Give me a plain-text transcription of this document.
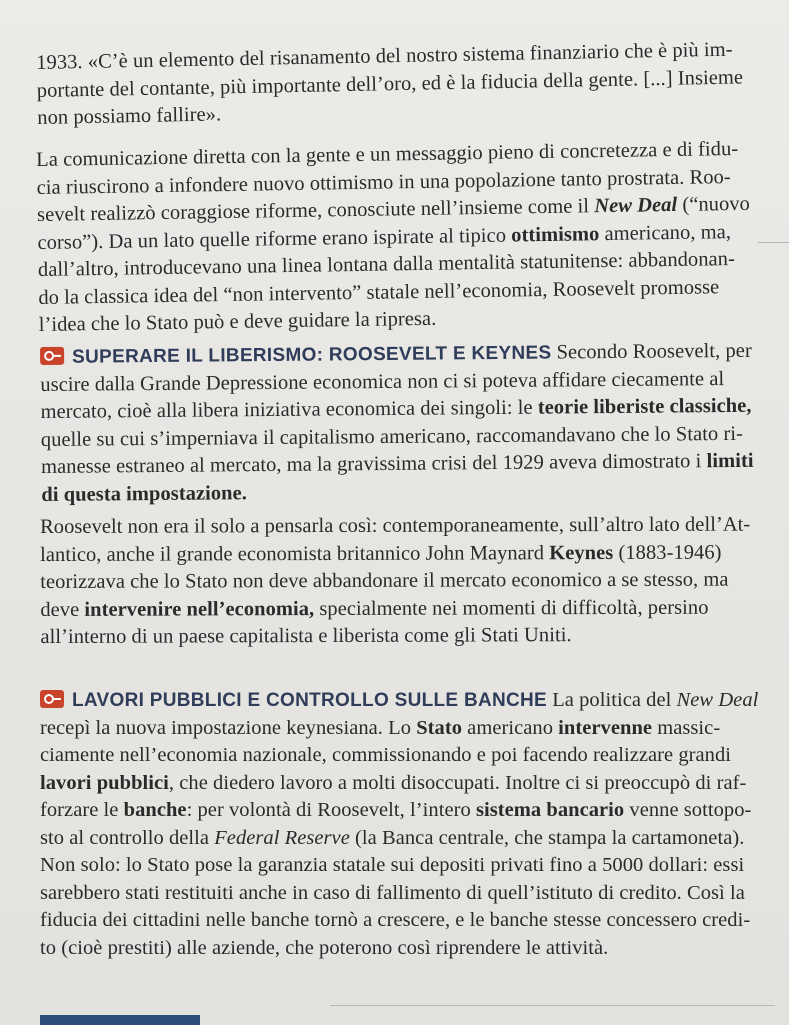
1933. «C’è un elemento del risanamento del nostro sistema finanziario che è più im-
portante del contante, più importante dell’oro, ed è la fiducia della gente. [...] Insieme
non possiamo fallire».

La comunicazione diretta con la gente e un messaggio pieno di concretezza e di fidu-
cia riuscirono a infondere nuovo ottimismo in una popolazione tanto prostrata. Roo-
sevelt realizzò coraggiose riforme, conosciute nell’insieme come il New Deal (“nuovo
corso”). Da un lato quelle riforme erano ispirate al tipico ottimismo americano, ma,
dall’altro, introducevano una linea lontana dalla mentalità statunitense: abbandonan-
do la classica idea del “non intervento” statale nell’economia, Roosevelt promosse
l’idea che lo Stato può e deve guidare la ripresa.

SUPERARE IL LIBERISMO: ROOSEVELT E KEYNES Secondo Roosevelt, per
uscire dalla Grande Depressione economica non ci si poteva affidare ciecamente al
mercato, cioè alla libera iniziativa economica dei singoli: le teorie liberiste classiche,
quelle su cui s’imperniava il capitalismo americano, raccomandavano che lo Stato ri-
manesse estraneo al mercato, ma la gravissima crisi del 1929 aveva dimostrato i limiti
di questa impostazione.

Roosevelt non era il solo a pensarla così: contemporaneamente, sull’altro lato dell’At-
lantico, anche il grande economista britannico John Maynard Keynes (1883-1946)
teorizzava che lo Stato non deve abbandonare il mercato economico a se stesso, ma
deve intervenire nell’economia, specialmente nei momenti di difficoltà, persino
all’interno di un paese capitalista e liberista come gli Stati Uniti.

LAVORI PUBBLICI E CONTROLLO SULLE BANCHE La politica del New Deal
recepì la nuova impostazione keynesiana. Lo Stato americano intervenne massic-
ciamente nell’economia nazionale, commissionando e poi facendo realizzare grandi
lavori pubblici, che diedero lavoro a molti disoccupati. Inoltre ci si preoccupò di raf-
forzare le banche: per volontà di Roosevelt, l’intero sistema bancario venne sottopo-
sto al controllo della Federal Reserve (la Banca centrale, che stampa la cartamoneta).
Non solo: lo Stato pose la garanzia statale sui depositi privati fino a 5000 dollari: essi
sarebbero stati restituiti anche in caso di fallimento di quell’istituto di credito. Così la
fiducia dei cittadini nelle banche tornò a crescere, e le banche stesse concessero credi-
to (cioè prestiti) alle aziende, che poterono così riprendere le attività.
